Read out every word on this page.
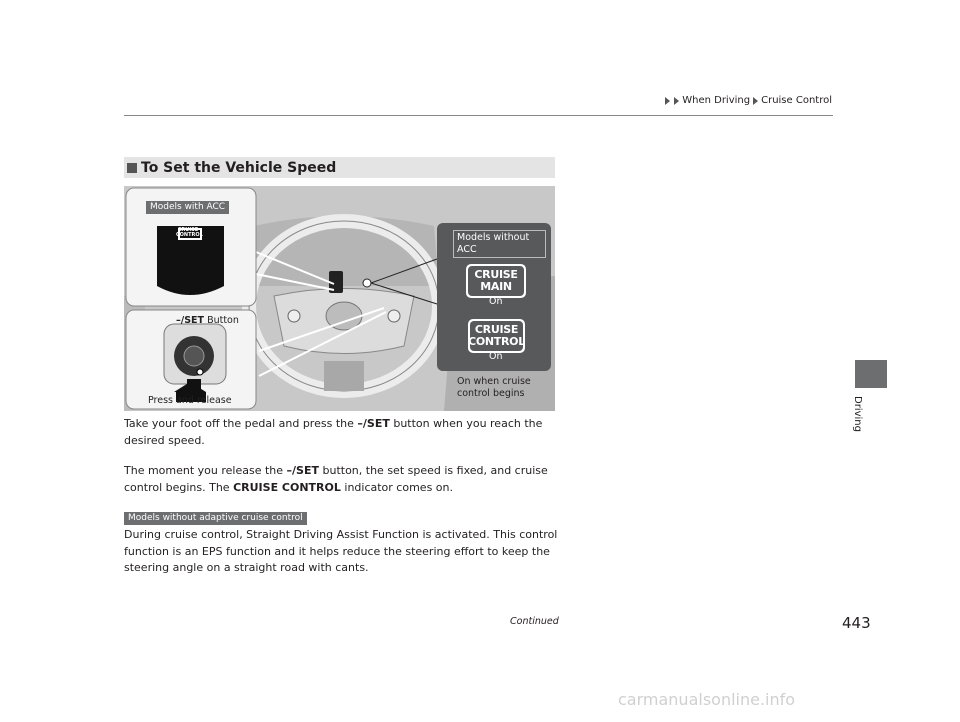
When Driving Cruise Control
Driving
To Set the Vehicle Speed
Models with ACC
CRUISE CONTROL
–/SET Button
Press and release
Models without ACC
CRUISE
MAIN
On
CRUISE
CONTROL
On
On when cruise
control begins
Take your foot off the pedal and press the –/SET button when you reach the desired speed.
The moment you release the –/SET button, the set speed is fixed, and cruise control begins. The CRUISE CONTROL indicator comes on.
Models without adaptive cruise control
During cruise control, Straight Driving Assist Function is activated. This control function is an EPS function and it helps reduce the steering effort to keep the steering angle on a straight road with cants.
Continued	443
carmanualsonline.info
